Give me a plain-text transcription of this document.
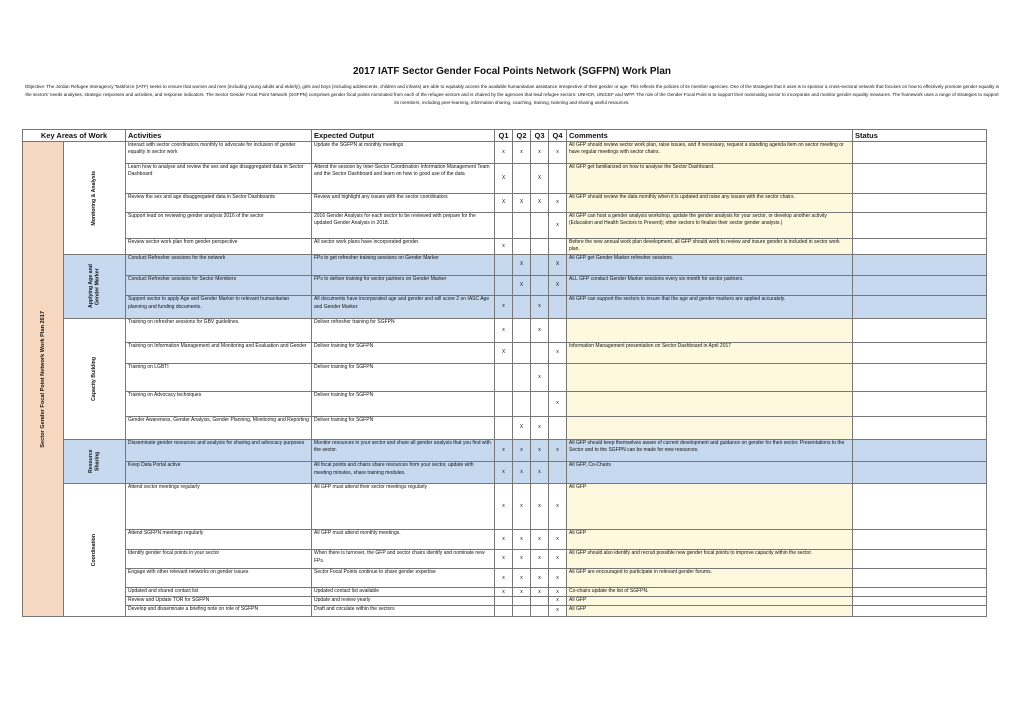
2017 IATF Sector Gender Focal Points Network (SGFPN) Work Plan
Objective: The Jordan Refugee Interagency Taskforce (IATF) seeks to ensure that women and men (including young adults and elderly), girls and boys (including adolescents, children and infants) are able to equitably access the available humanitarian assistance irrespective of their gender or age. This reflects the policies of its member agencies. One of the strategies that it uses is to sponsor a cross-sectoral network that focuses on how to effectively promote gender equality in the sectors' needs analyses, strategic responses and activities, and response indicators. The Sector Gender Focal Point Network (SGFPN) comprises gender focal points nominated from each of the refugee sectors and is chaired by the agencies that lead refugee sectors: UNHCR, UNICEF and WFP. The role of the Gender Focal Point is to support their nominating sector to incorporate and monitor gender equality measures. The framework uses a range of strategies to support its members, including peer-learning, information sharing, coaching, training, twinning and sharing useful resources.
Key Areas of Work		Activities	Expected Output	Q1	Q2	Q3	Q4	Comments	Status

Sector Gender Focal Point Network Work Plan 2017	Monitoring & Analysis	Interact with sector coordinators monthly to advocate for inclusion of gender equality in sector work	Update the SGFPN at monthly meetings	x	x	x	x	All GFP should review sector work plan, raise issues, and if necessary, request a standing agenda item on sector meeting or have regular meetings with sector chairs.	
		Learn how to analyse and review the sex and age disaggregated data in Sector Dashboard	Attend the session by Inter-Sector Coordination Information Management Team and the Sector Dashboard and learn on how to good use of the data	X		X		All GFP get familiarized on how to analyse the Sector Dashboard.	
		Review the sex and age disaggregated data in Sector Dashboards	Review and highlight any issues with the sector coordinators	X	X	X	x	All GFP should review the data monthly when it is updated and raise any issues with the sector chairs.	
		Support lead on reviewing gender analysis 2016 of the sector	2016 Gender Analysis for each sector to be reviewed with prepare for the updated Gender Analysis in 2018.				x	All GFP can host a gender analysis workshop, update the gender analysis for your sector, or develop another activity (Education and Health Sectors to Present); other sectors to finalize their sector gender analysis.)	
		Review sector work plan from gender perspective	All sector work plans have incorporated gender.	x				Before the new annual work plan development, all GFP should work to review and insure gender is included in sector work plan.	

	Applying Age and Gender Marker	Conduct Refresher sessions for the network	FPs to get refresher training sessions on Gender Marker		X		X	All GFP get Gender Marker refresher sessions.	
		Conduct Refresher sessions for Sector Members	FPs to deliver training for sector partners on Gender Marker		X		X	ALL GFP conduct Gender Marker sessions every six month for sector partners.	
		Support sector to apply Age and Gender Marker to relevant humanitarian planning and funding documents.	All documents have incorporated age and gender and will score 2 on IASC Age and Gender Marker.	x		x		All GFP can support the sectors to insure that the age and gender markers are applied accurately.	

	Capacity Building	Training on refresher sessions for GBV guidelines.	Deliver refresher training for SGFPN	x		x			
		Training on Information Management and Monitoring and Evaluation and Gender	Deliver training for SGFPN	X			x	Information Management presentation on Sector Dashboard in April 2017	
		Training on LGBTI	Deliver training for SGFPN			x			
		Training on Advocacy techniques	Deliver training for SGFPN				x		
		Gender Awareness, Gender Analysis, Gender Planning, Monitoring and Reporting	Deliver training for SGFPN		X	x			

	Resource Sharing	Disseminate gender resources and analysis for sharing and advocacy purposes	Monitor resources in your sector and share all gender analysis that you find with the sector.	x	x	x	x	All GFP should keep themselves aware of current development and guidance on gender for their sector. Presentations to the Sector and to the SGFPN can be made for new resources.	
		Keep Data Portal active	All focal points and chairs share resources from your sector, update with meeting minutes, share training modules.	x	x	x		All GFP, Co-Chairs	

	Coordination	Attend sector meetings regularly	All GFP must attend their sector meetings regularly	x	x	x	x	All GFP	
		Attend SGFPN meetings regularly	All GFP must attend monthly meetings.	x	x	x	x	All GFP	
		Identify gender focal points in your sector	When there is turnover, the GFP and sector chairs identify and nominate new FPs.	x	x	x	x	All GFP should also identify and recruit possible new gender focal points to improve capacity within the sector.	
		Engage with other relevant networks on gender issues	Sector Focal Points continue to share gender expertise	x	x	x	x	All GFP are encouraged to participate in relevant gender forums.	
		Updated and shared contact list	Updated contact list available	x	x	x	x	Co-chairs update the list of SGFPN.	
		Review and Update TOR for SGFPN	Update and review yearly				x	All GFP	
		Develop and disseminate a briefing note on role of SGFPN	Draft and circulate within the sectors				x	All GFP	
